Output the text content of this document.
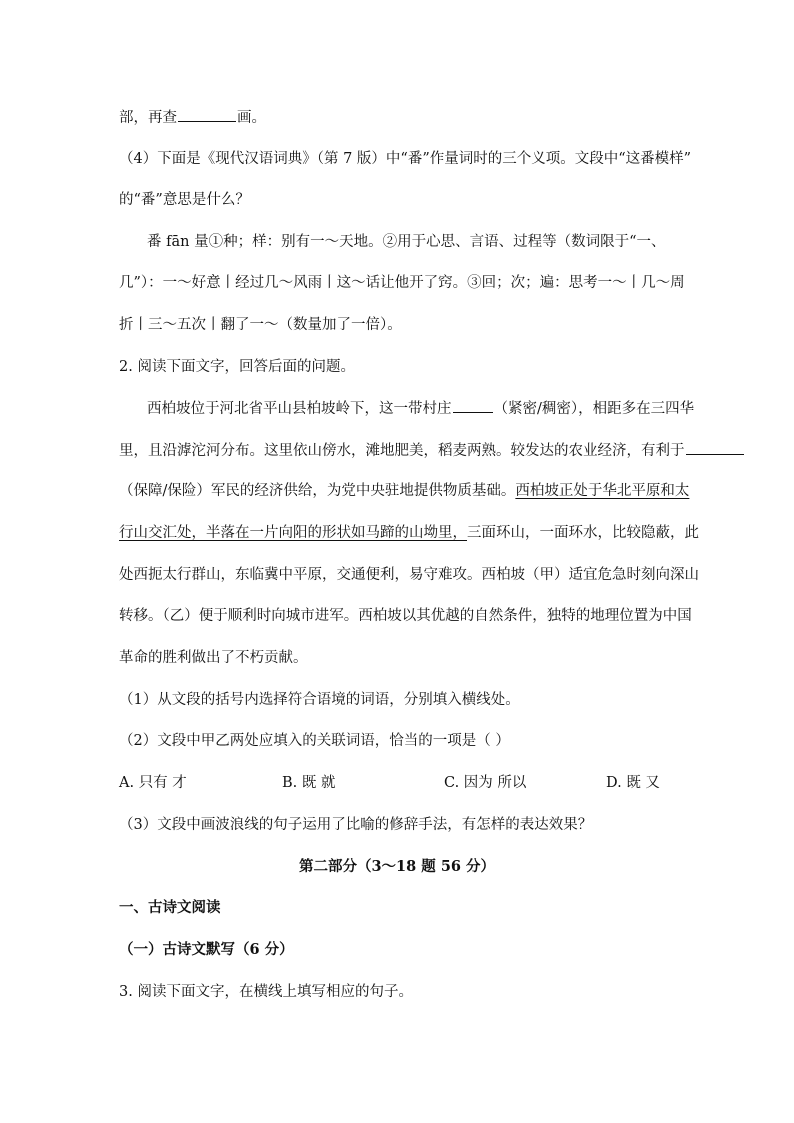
部，再查	画。
（4）下面是《现代汉语词典》（第 7 版）中“番”作量词时的三个义项。文段中“这番模样”
的“番”意思是什么？
番 fān 量①种；样：别有一～天地。②用于心思、言语、过程等（数词限于“一、
几”）：一～好意丨经过几～风雨丨这～话让他开了窍。③回；次；遍：思考一～丨几～周
折丨三～五次丨翻了一～（数量加了一倍）。
2. 阅读下面文字，回答后面的问题。
西柏坡位于河北省平山县柏坡岭下，这一带村庄	（紧密/稠密），相距多在三四华
里，且沿滹沱河分布。这里依山傍水，滩地肥美，稻麦两熟。较发达的农业经济，有利于
（保障/保险）军民的经济供给，为党中央驻地提供物质基础。西柏坡正处于华北平原和太
行山交汇处，半落在一片向阳的形状如马蹄的山坳里，三面环山，一面环水，比较隐蔽，此
处西扼太行群山，东临冀中平原，交通便利，易守难攻。西柏坡（甲）适宜危急时刻向深山
转移。（乙）便于顺利时向城市进军。西柏坡以其优越的自然条件，独特的地理位置为中国
革命的胜利做出了不朽贡献。
（1）从文段的括号内选择符合语境的词语，分别填入横线处。
（2）文段中甲乙两处应填入的关联词语，恰当的一项是（ ）
A. 只有 才	B. 既 就	C. 因为 所以	D. 既 又
（3）文段中画波浪线的句子运用了比喻的修辞手法，有怎样的表达效果？
第二部分（3～18 题 56 分）
一、古诗文阅读
（一）古诗文默写（6 分）
3. 阅读下面文字，在横线上填写相应的句子。
